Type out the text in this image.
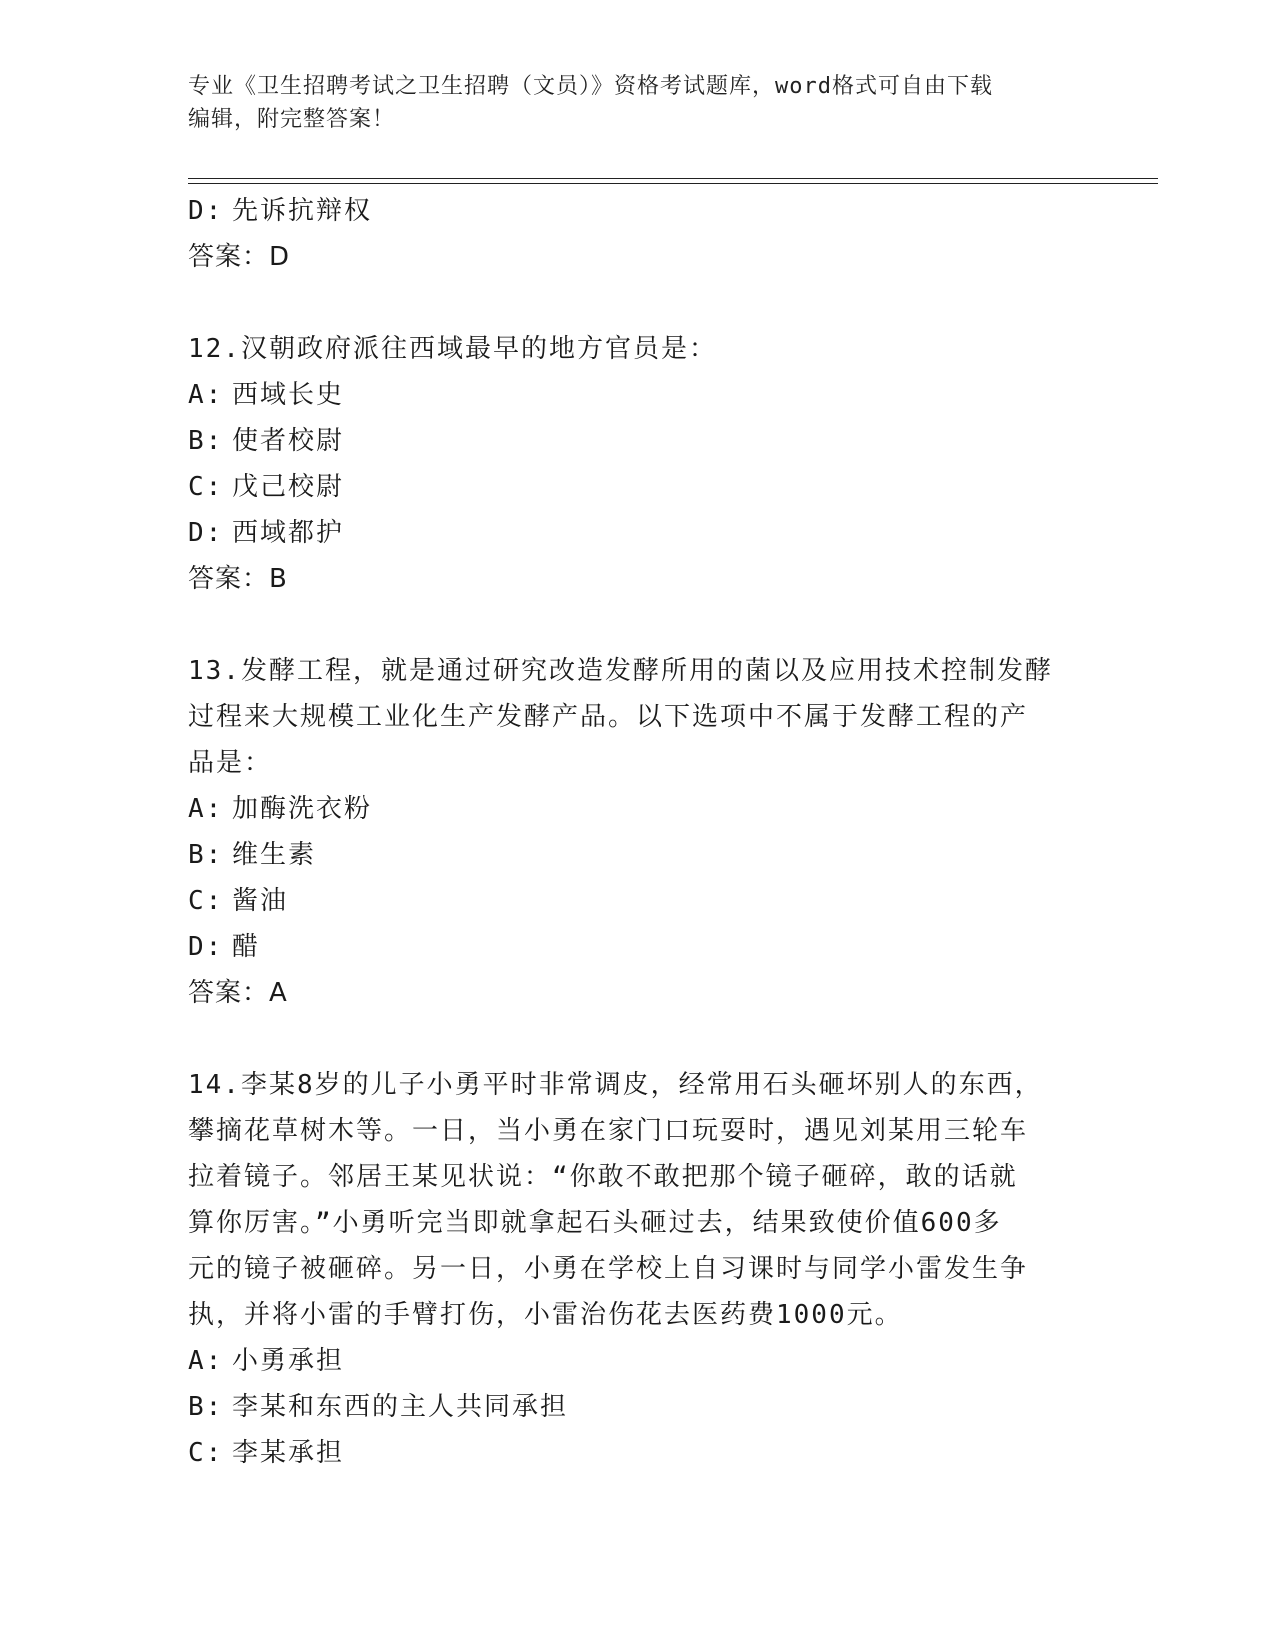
专业《卫生招聘考试之卫生招聘（文员）》资格考试题库，word格式可自由下载
编辑，附完整答案！
D: 先诉抗辩权
答案：D
12.汉朝政府派往西域最早的地方官员是：
A: 西域长史
B: 使者校尉
C: 戊己校尉
D: 西域都护
答案：B
13.发酵工程，就是通过研究改造发酵所用的菌以及应用技术控制发酵
过程来大规模工业化生产发酵产品。以下选项中不属于发酵工程的产
品是：
A: 加酶洗衣粉
B: 维生素
C: 酱油
D: 醋
答案：A
14.李某8岁的儿子小勇平时非常调皮，经常用石头砸坏别人的东西，
攀摘花草树木等。一日，当小勇在家门口玩耍时，遇见刘某用三轮车
拉着镜子。邻居王某见状说：“你敢不敢把那个镜子砸碎，敢的话就
算你厉害。”小勇听完当即就拿起石头砸过去，结果致使价值600多
元的镜子被砸碎。另一日，小勇在学校上自习课时与同学小雷发生争
执，并将小雷的手臂打伤，小雷治伤花去医药费1000元。
A: 小勇承担
B: 李某和东西的主人共同承担
C: 李某承担
